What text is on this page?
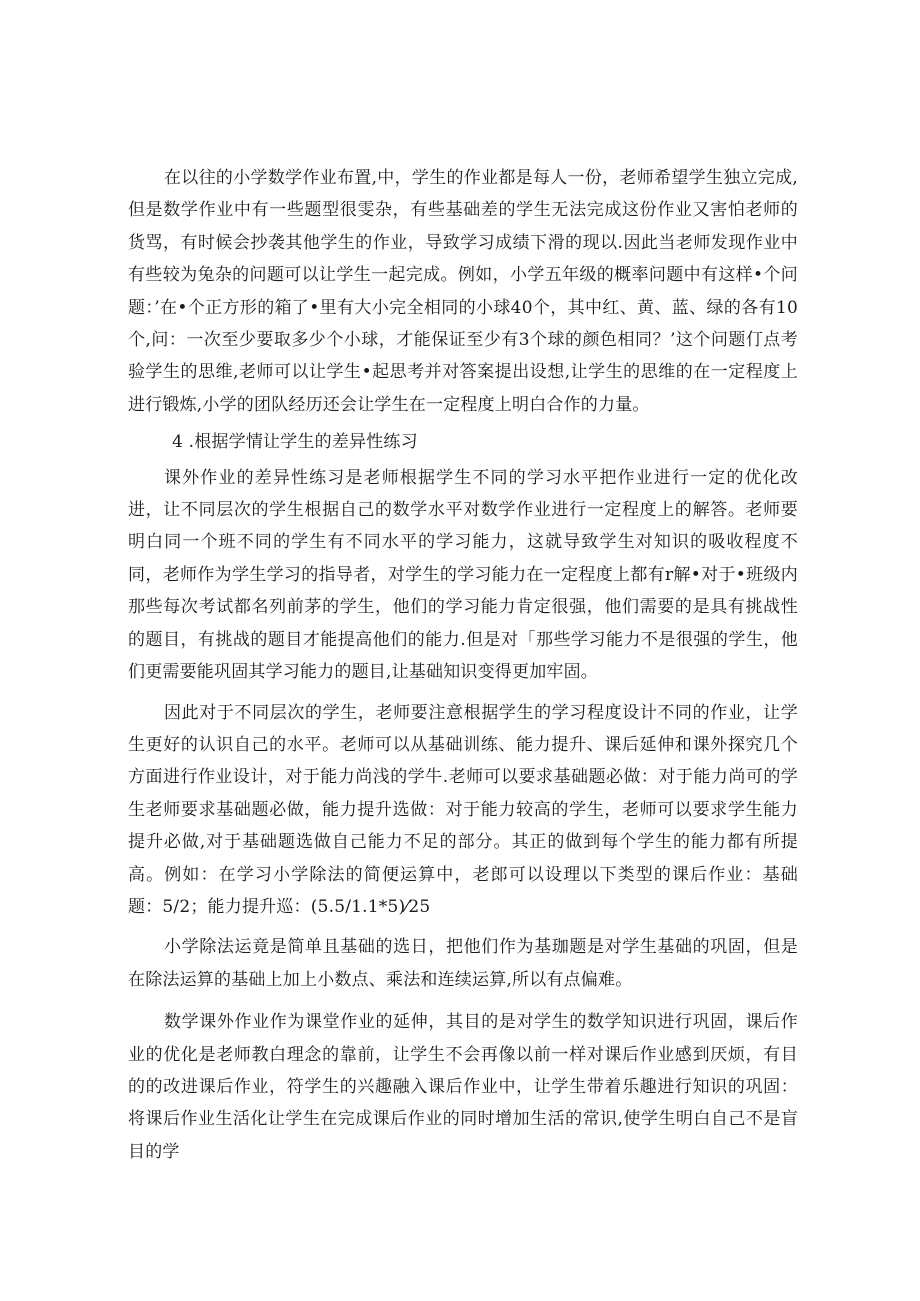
在以往的小学数学作业布置,中，学生的作业都是每人一份，老师希望学生独立完成,但是数学作业中有一些题型很雯杂，有些基础差的学生无法完成这份作业又害怕老师的货骂，有时候会抄袭其他学生的作业，导致学习成绩下滑的现以.因此当老师发现作业中有些较为兔杂的问题可以让学生一起完成。例如，小学五年级的概率问题中有这样•个问题：’在•个正方形的箱了•里有大小完全相同的小球40个，其中红、黄、蓝、绿的各有10个,问：一次至少要取多少个小球，才能保证至少有3个球的颜色相同？’这个问题仃点考验学生的思维,老师可以让学生•起思考并对答案提出设想,让学生的思维的在一定程度上进行锻炼,小学的团队经历还会让学生在一定程度上明白合作的力量。

4 .根据学情让学生的差异性练习

课外作业的差异性练习是老师根据学生不同的学习水平把作业进行一定的优化改进，让不同层次的学生根据自己的数学水平对数学作业进行一定程度上的解答。老师要明白同一个班不同的学生有不同水平的学习能力，这就导致学生对知识的吸收程度不同，老师作为学生学习的指导者，对学生的学习能力在一定程度上都有r解•对于•班级内那些每次考试都名列前茅的学生，他们的学习能力肯定很强，他们需要的是具有挑战性的题目，有挑战的题目才能提高他们的能力.但是对「那些学习能力不是很强的学生，他们更需要能巩固其学习能力的题目,让基础知识变得更加牢固。

因此对于不同层次的学生，老师要注意根据学生的学习程度设计不同的作业，让学生更好的认识自己的水平。老师可以从基础训练、能力提升、课后延伸和课外探究几个方面进行作业设计，对于能力尚浅的学牛.老师可以要求基础题必做：对于能力尚可的学生老师要求基础题必做，能力提升选做：对于能力较高的学生，老师可以要求学生能力提升必做,对于基础题选做自己能力不足的部分。其正的做到每个学生的能力都有所提高。例如：在学习小学除法的简便运算中，老郎可以设理以下类型的课后作业：基础题：5/2；能力提升巡：(5.5/1.1*5)⁄25

小学除法运竟是简单且基础的选日，把他们作为基珈题是对学生基础的巩固，但是在除法运算的基础上加上小数点、乘法和连续运算,所以有点偏难。

数学课外作业作为课堂作业的延伸，其目的是对学生的数学知识进行巩固，课后作业的优化是老师教白理念的靠前，让学生不会再像以前一样对课后作业感到厌烦，有目的的改进课后作业，符学生的兴趣融入课后作业中，让学生带着乐趣进行知识的巩固：将课后作业生活化让学生在完成课后作业的同时增加生活的常识,使学生明白自己不是盲目的学
